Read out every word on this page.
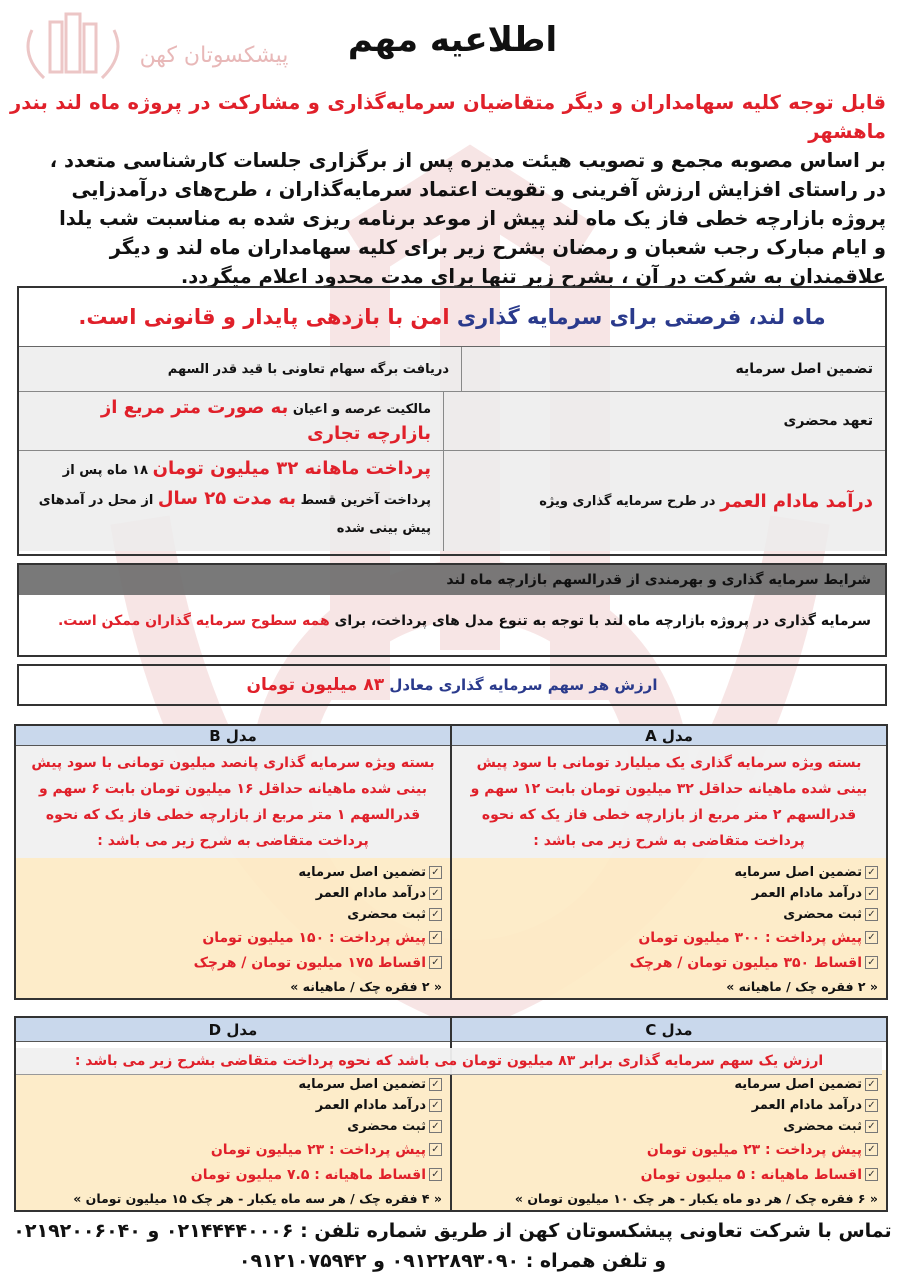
پیشکسوتان کهن	اطلاعیه مهم
قابل توجه کلیه سهامداران و دیگر متقاضیان سرمایه‌گذاری و مشارکت در پروژه ماه لند بندر ماهشهر
بر اساس مصوبه مجمع و تصویب هیئت مدیره پس از برگزاری جلسات کارشناسی متعدد ،
در راستای افزایش ارزش آفرینی و تقویت اعتماد سرمایه‌گذاران ، طرح‌های درآمدزایی
پروژه بازارچه خطی فاز یک ماه لند پیش از موعد برنامه ریزی شده به مناسبت شب یلدا
و ایام مبارک رجب شعبان و رمضان بشرح زیر برای کلیه سهامداران ماه لند و دیگر
علاقمندان به شرکت در آن ، بشرح زیر تنها برای مدت محدود اعلام میگردد.
ماه لند، فرصتی برای سرمایه گذاری

امن با بازدهی پایدار و قانونی است.
دریافت برگه سهام تعاونی با قید قدر السهم	تضمین اصل سرمایه
تعهد محضری
مالکیت عرصه و اعیان به صورت متر مربع از بازارچه تجاری
درآمد مادام العمر

در طرح سرمایه گذاری ویژه
پرداخت ماهانه ۳۲ میلیون تومان ۱۸ ماه پس از
پرداخت آخرین قسط به مدت ۲۵ سال از محل در آمدهای
پیش بینی شده
شرایط سرمایه گذاری و بهرمندی از قدرالسهم بازارچه ماه لند
سرمایه گذاری در پروژه بازارچه ماه لند با توجه به تنوع مدل های پرداخت، برای همه سطوح سرمایه گذاران ممکن است.
ارزش هر سهم سرمایه گذاری معادل

۸۳ میلیون تومان
مدل A
بسته ویژه سرمایه گذاری یک میلیارد تومانی با سود پیش بینی شده ماهیانه حداقل ۳۲ میلیون تومان بابت ۱۲ سهم و قدرالسهم ۲ متر مربع از بازارچه خطی فاز یک که نحوه پرداخت متقاضی به شرح زیر می باشد :
✓
تضمین اصل سرمایه
✓
درآمد مادام العمر
✓
ثبت محضری
✓
پیش پرداخت : ۳۰۰ میلیون تومان
✓
اقساط ۳۵۰ میلیون تومان / هرچک
« ۲ فقره چک / ماهیانه »
مدل B
بسته ویژه سرمایه گذاری پانصد میلیون تومانی با سود پیش بینی شده ماهیانه حداقل ۱۶ میلیون تومان بابت ۶ سهم و قدرالسهم ۱ متر مربع از بازارچه خطی فاز یک که نحوه پرداخت متقاضی به شرح زیر می باشد :
✓
تضمین اصل سرمایه
✓
درآمد مادام العمر
✓
ثبت محضری
✓
پیش پرداخت : ۱۵۰ میلیون تومان
✓
اقساط ۱۷۵ میلیون تومان / هرچک
« ۲ فقره چک / ماهیانه »
مدل C
✓
تضمین اصل سرمایه
✓
درآمد مادام العمر
✓
ثبت محضری
✓
پیش پرداخت : ۲۳ میلیون تومان
✓
اقساط ماهیانه : ۵ میلیون تومان
« ۶ فقره چک / هر دو ماه یکبار - هر چک ۱۰ میلیون تومان »
مدل D
✓
تضمین اصل سرمایه
✓
درآمد مادام العمر
✓
ثبت محضری
✓
پیش پرداخت : ۲۳ میلیون تومان
✓
اقساط ماهیانه : ۷.۵ میلیون تومان
« ۴ فقره چک / هر سه ماه یکبار - هر چک ۱۵ میلیون تومان »
ارزش یک سهم سرمایه گذاری برابر ۸۳ میلیون تومان می باشد که نحوه پرداخت متقاضی بشرح زیر می باشد :
تماس با شرکت تعاونی پیشکسوتان کهن از طریق شماره تلفن : ۰۲۱۴۴۴۴۰۰۰۶ و ۰۲۱۹۲۰۰۶۰۴۰
و تلفن همراه : ۰۹۱۲۲۸۹۳۰۹۰ و ۰۹۱۲۱۰۷۵۹۴۲
